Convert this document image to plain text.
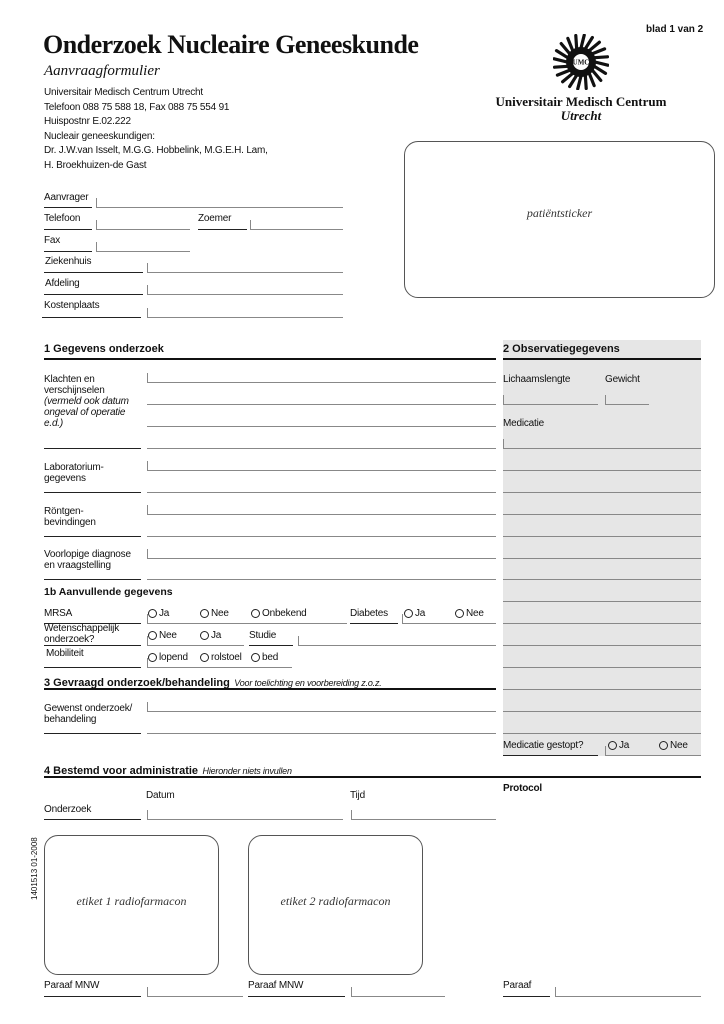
blad 1 van 2
Onderzoek Nucleaire Geneeskunde
Aanvraagformulier
Universitair Medisch Centrum Utrecht
Telefoon 088 75 588 18, Fax 088 75 554 91
Huispostnr E.02.222
Nucleair geneeskundigen:
Dr. J.W.van Isselt, M.G.G. Hobbelink, M.G.E.H. Lam,
H. Broekhuizen-de Gast
UMC
Universitair Medisch Centrum
Utrecht
patiëntsticker
Aanvrager
Telefoon	Zoemer
Fax
Ziekenhuis
Afdeling
Kostenplaats
1 Gegevens onderzoek	2 Observatiegegevens
Klachten en
verschijnselen
(vermeld ook datum
ongeval of operatie
e.d.)
Laboratorium-
gegevens
Röntgen-
bevindingen
Voorlopige diagnose
en vraagstelling
1b Aanvullende gegevens
MRSA	Ja	Nee	Onbekend	Diabetes	Ja	Nee
Wetenschappelijk
onderzoek?	Nee	Ja	Studie
Mobiliteit	lopend rolstoel bed
Lichaamslengte	Gewicht
Medicatie
Medicatie gestopt?	Ja	Nee
3 Gevraagd onderzoek/behandeling Voor toelichting en voorbereiding z.o.z.
Gewenst onderzoek/
behandeling
4 Bestemd voor administratie Hieronder niets invullen
Protocol
Datum	Tijd
Onderzoek
1401513 01-2008
etiket 1 radiofarmacon	etiket 2 radiofarmacon
Paraaf MNW	Paraaf MNW	Paraaf
